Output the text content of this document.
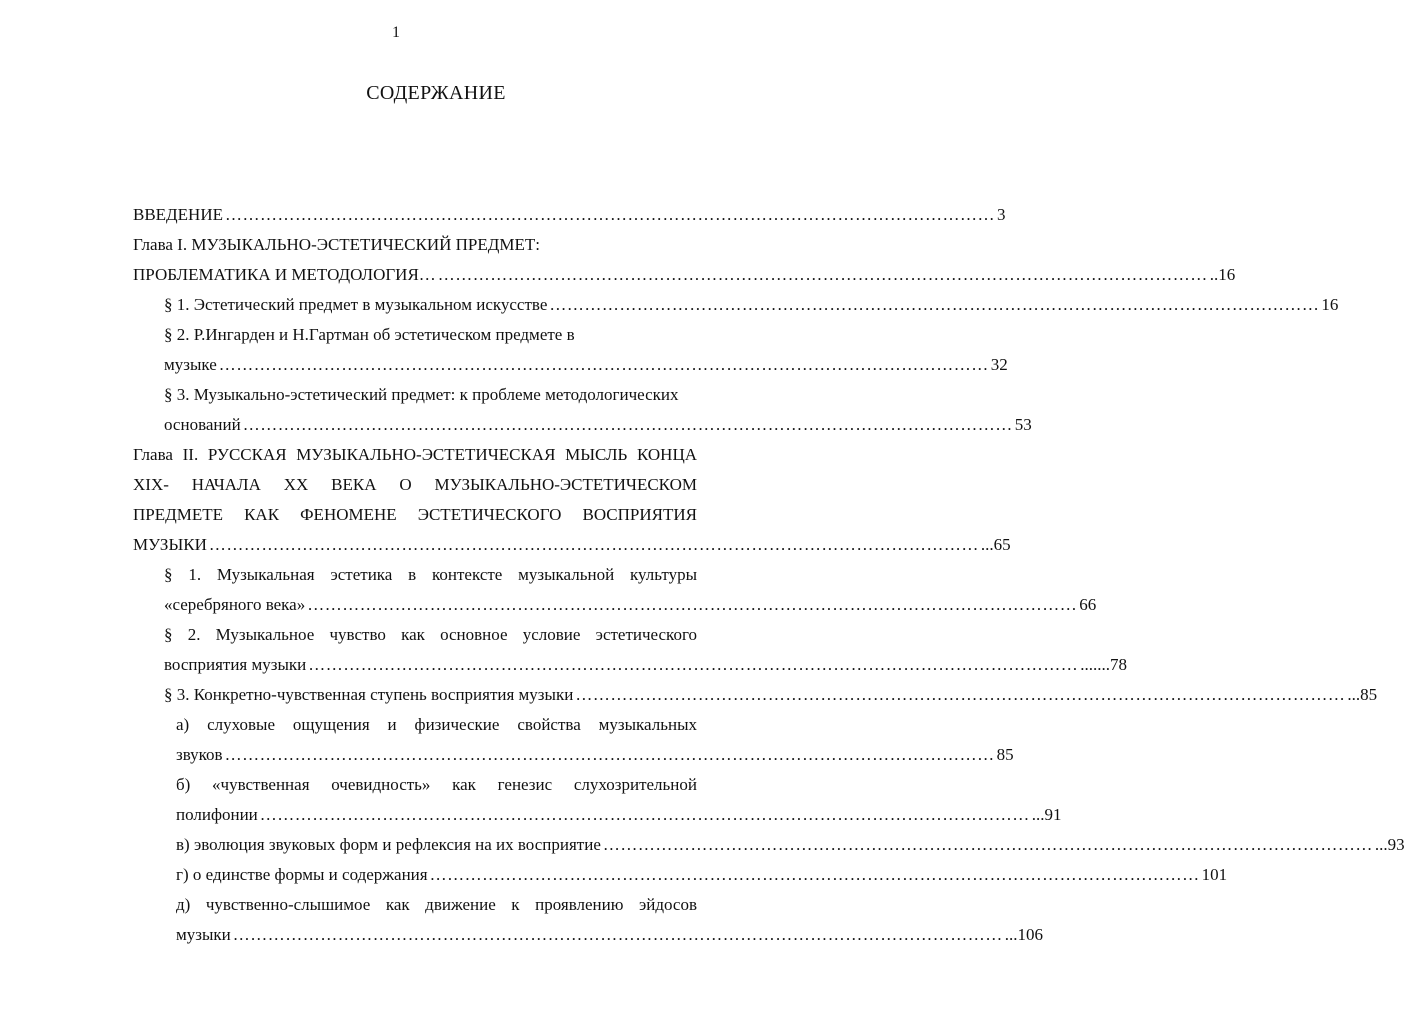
1
СОДЕРЖАНИЕ
ВВЕДЕНИЕ …………………………………………………………………………………………………………………… 3
Глава I. МУЗЫКАЛЬНО-ЭСТЕТИЧЕСКИЙ ПРЕДМЕТ:
ПРОБЛЕМАТИКА И МЕТОДОЛОГИЯ… …………………………………………………………………………………………………………………… ..16
§ 1. Эстетический предмет в музыкальном искусстве …………………………………………………………………………………………………………………… 16
§ 2. Р.Ингарден и Н.Гартман об эстетическом предмете в
музыке …………………………………………………………………………………………………………………… 32
§ 3. Музыкально-эстетический предмет: к проблеме методологических
оснований …………………………………………………………………………………………………………………… 53
Глава II. РУССКАЯ МУЗЫКАЛЬНО-ЭСТЕТИЧЕСКАЯ МЫСЛЬ КОНЦА
XIX- НАЧАЛА ХХ ВЕКА О МУЗЫКАЛЬНО-ЭСТЕТИЧЕСКОМ
ПРЕДМЕТЕ КАК ФЕНОМЕНЕ ЭСТЕТИЧЕСКОГО ВОСПРИЯТИЯ
МУЗЫКИ …………………………………………………………………………………………………………………… ...65
§ 1. Музыкальная эстетика в контексте музыкальной культуры
«серебряного века» …………………………………………………………………………………………………………………… 66
§ 2. Музыкальное чувство как основное условие эстетического
восприятия музыки …………………………………………………………………………………………………………………… .......78
§ 3. Конкретно-чувственная ступень восприятия музыки …………………………………………………………………………………………………………………… ...85
а) слуховые ощущения и физические свойства музыкальных
звуков …………………………………………………………………………………………………………………… 85
б) «чувственная очевидность» как генезис слухозрительной
полифонии …………………………………………………………………………………………………………………… ...91
в) эволюция звуковых форм и рефлексия на их восприятие …………………………………………………………………………………………………………………… ...93
г) о единстве формы и содержания …………………………………………………………………………………………………………………… 101
д) чувственно-слышимое как движение к проявлению эйдосов
музыки …………………………………………………………………………………………………………………… ...106
